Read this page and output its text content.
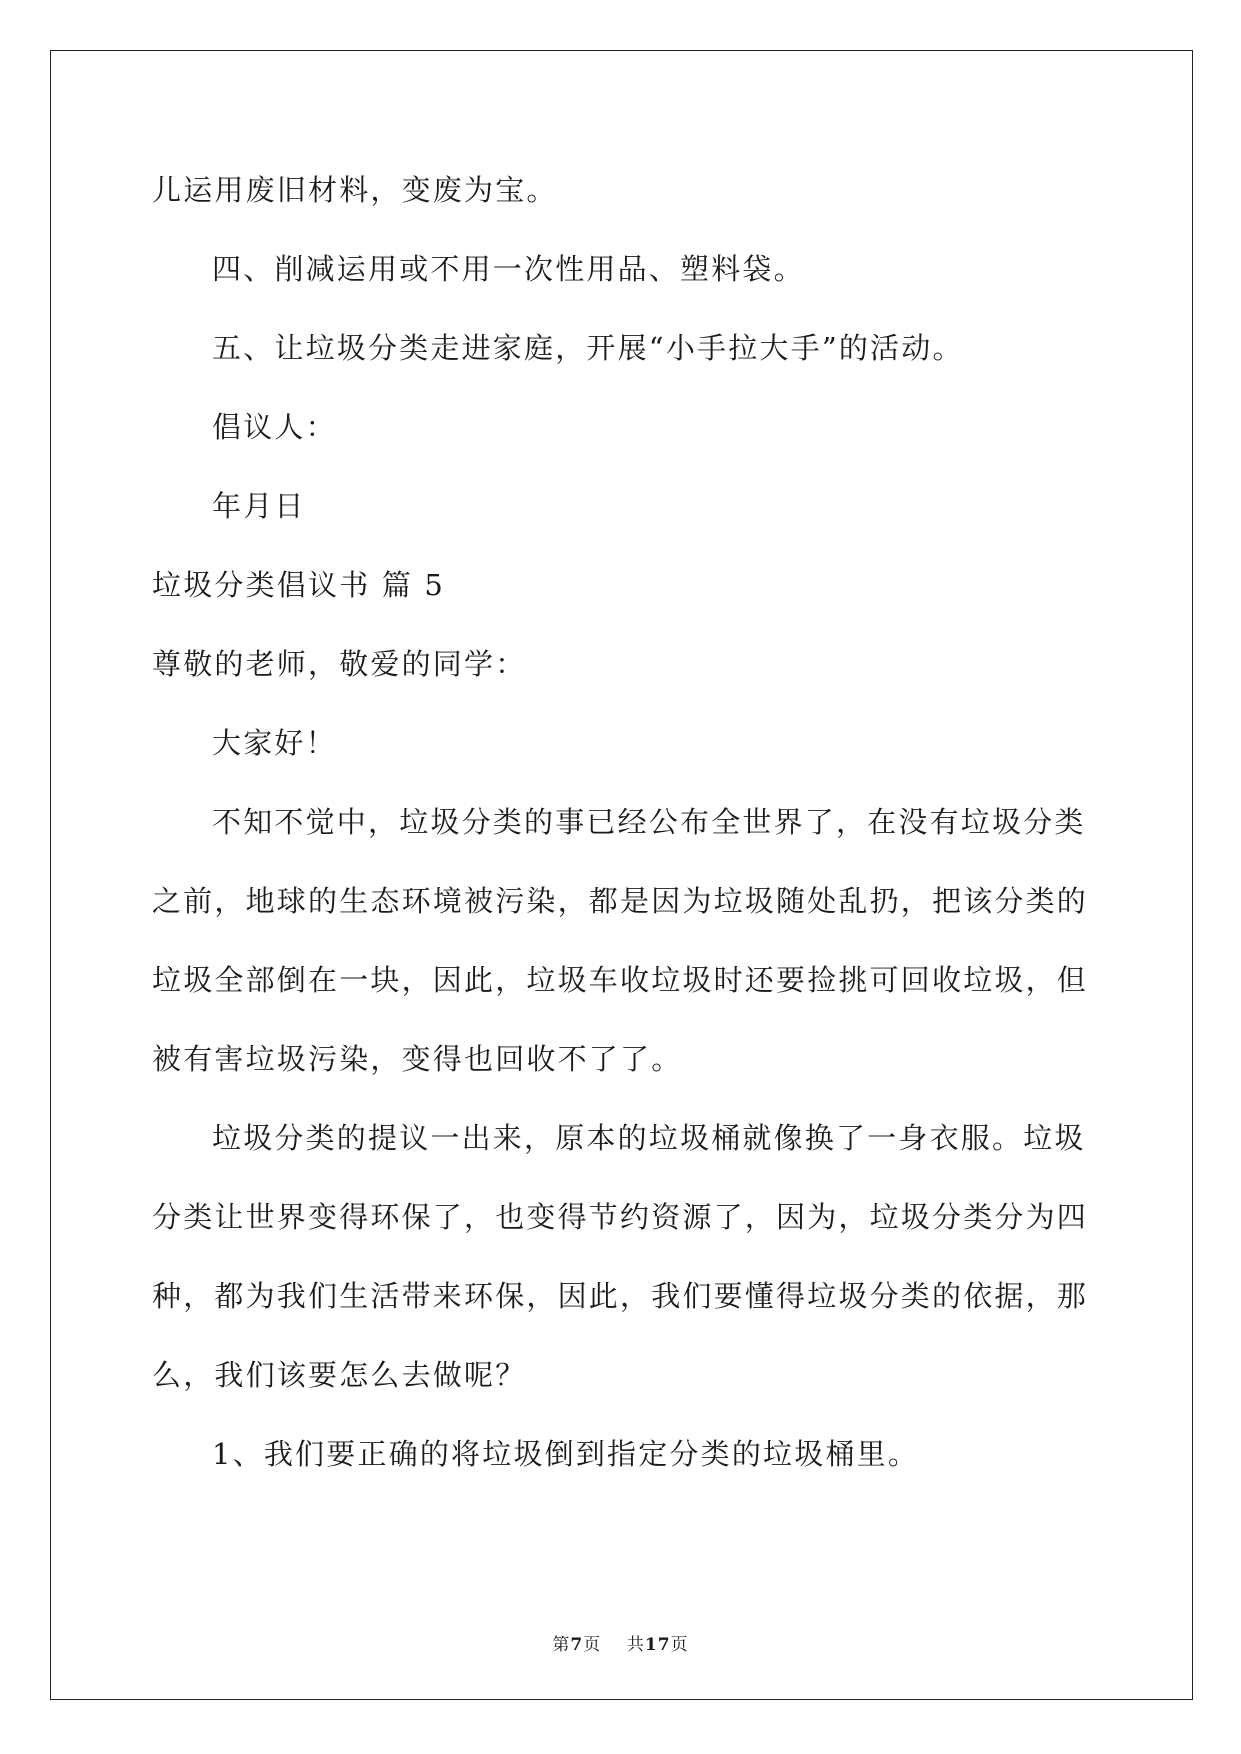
儿运用废旧材料，变废为宝。
四、削减运用或不用一次性用品、塑料袋。
五、让垃圾分类走进家庭，开展“小手拉大手”的活动。
倡议人：
年月日
垃圾分类倡议书 篇 5
尊敬的老师，敬爱的同学：
大家好！
不知不觉中，垃圾分类的事已经公布全世界了，在没有垃圾分类
之前，地球的生态环境被污染，都是因为垃圾随处乱扔，把该分类的
垃圾全部倒在一块，因此，垃圾车收垃圾时还要捡挑可回收垃圾，但
被有害垃圾污染，变得也回收不了了。
垃圾分类的提议一出来，原本的垃圾桶就像换了一身衣服。垃圾
分类让世界变得环保了，也变得节约资源了，因为，垃圾分类分为四
种，都为我们生活带来环保，因此，我们要懂得垃圾分类的依据，那
么，我们该要怎么去做呢？
1、我们要正确的将垃圾倒到指定分类的垃圾桶里。
第7页 共17页
